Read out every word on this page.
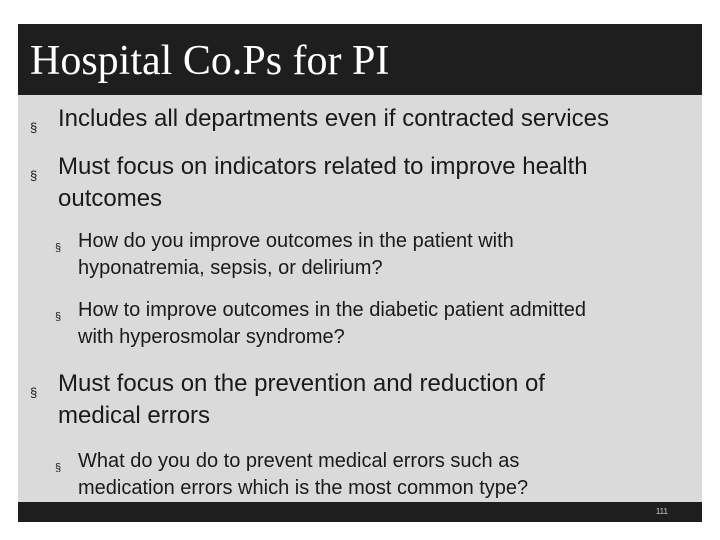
Hospital Co.Ps for PI
§ Includes all departments even if contracted services
§ Must focus on indicators related to improve health
outcomes
§ How do you improve outcomes in the patient with
hyponatremia, sepsis, or delirium?
§ How to improve outcomes in the diabetic patient admitted
with hyperosmolar syndrome?
§ Must focus on the prevention and reduction of
medical errors
§ What do you do to prevent medical errors such as
medication errors which is the most common type?
111
